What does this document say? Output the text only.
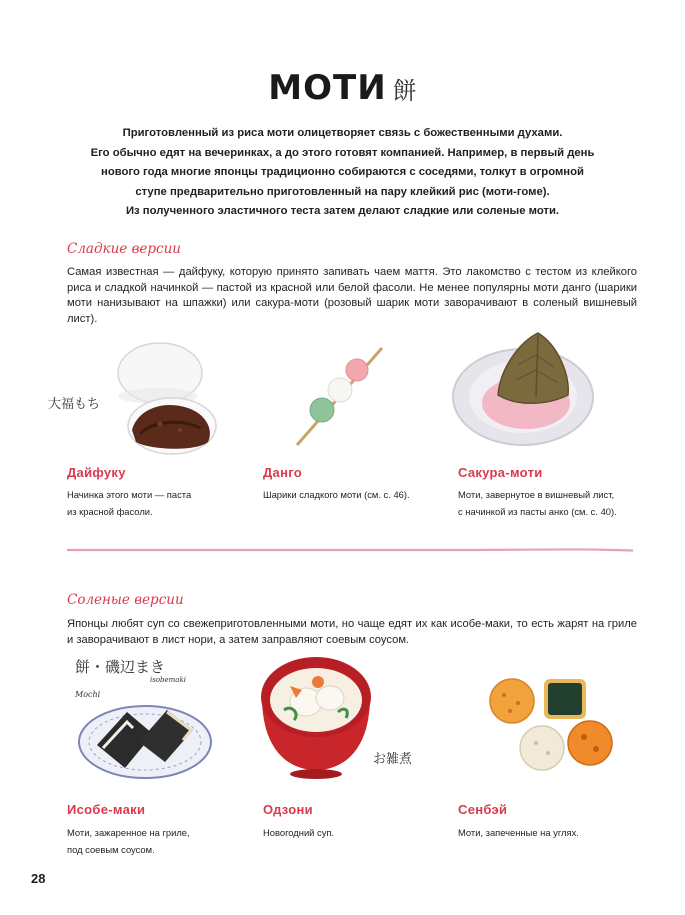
МОТИ 餅
Приготовленный из риса моти олицетворяет связь с божественными духами.
Его обычно едят на вечеринках, а до этого готовят компанией. Например, в первый день
нового года многие японцы традиционно собираются с соседями, толкут в огромной
ступе предварительно приготовленный на пару клейкий рис (моти-гомe).
Из полученного эластичного теста затем делают сладкие или соленые моти.
Сладкие версии
Самая известная — дайфуку, которую принято запивать чаем маття. Это лакомство с тестом из клейкого риса и сладкой начинкой — пастой из красной или белой фасоли. Не менее популярны моти данго (шарики моти нанизывают на шпажки) или сакура-моти (розовый шарик моти заворачивают в соленый вишневый лист).
大福もち
Дайфуку
Начинка этого моти — паста
из красной фасоли.
Данго
Шарики сладкого моти (см. с. 46).
Сакура-моти
Моти, завернутое в вишневый лист,
с начинкой из пасты анко (см. с. 40).
Соленые версии
Японцы любят суп со свежеприготовленными моти, но чаще едят их как исобе-маки, то есть жарят на гриле и заворачивают в лист нори, а затем заправляют соевым соусом.
餅・磯辺まき
Mochi
isobemaki
お雑煮
Исобе-маки
Моти, зажаренное на гриле,
под соевым соусом.
Одзони
Новогодний суп.
Сенбэй
Моти, запеченные на углях.
28
